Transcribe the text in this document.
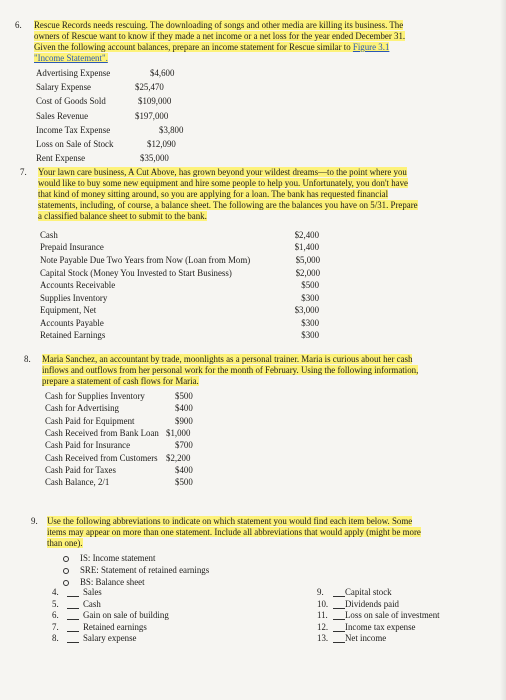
6. Rescue Records needs rescuing. The downloading of songs and other media are killing its business. The
owners of Rescue want to know if they made a net income or a net loss for the year ended December 31.
Given the following account balances, prepare an income statement for Rescue similar to Figure 3.1
"Income Statement".
Advertising Expense	$4,600
Salary Expense	$25,470
Cost of Goods Sold	$109,000
Sales Revenue	$197,000
Income Tax Expense	$3,800
Loss on Sale of Stock	$12,090
Rent Expense	$35,000
7. Your lawn care business, A Cut Above, has grown beyond your wildest dreams—to the point where you
would like to buy some new equipment and hire some people to help you. Unfortunately, you don't have
that kind of money sitting around, so you are applying for a loan. The bank has requested financial
statements, including, of course, a balance sheet. The following are the balances you have on 5/31. Prepare
a classified balance sheet to submit to the bank.
Cash	$2,400
Prepaid Insurance	$1,400
Note Payable Due Two Years from Now (Loan from Mom)	$5,000
Capital Stock (Money You Invested to Start Business)	$2,000
Accounts Receivable	$500
Supplies Inventory	$300
Equipment, Net	$3,000
Accounts Payable	$300
Retained Earnings	$300
8. Maria Sanchez, an accountant by trade, moonlights as a personal trainer. Maria is curious about her cash
inflows and outflows from her personal work for the month of February. Using the following information,
prepare a statement of cash flows for Maria.
Cash for Supplies Inventory	$500
Cash for Advertising	$400
Cash Paid for Equipment	$900
Cash Received from Bank Loan $1,000
Cash Paid for Insurance	$700
Cash Received from Customers $2,200
Cash Paid for Taxes	$400
Cash Balance, 2/1	$500
9. Use the following abbreviations to indicate on which statement you would find each item below. Some
items may appear on more than one statement. Include all abbreviations that would apply (might be more
than one).
IS: Income statement
SRE: Statement of retained earnings
BS: Balance sheet
4.	Sales
5.	Cash
6.	Gain on sale of building
7.	Retained earnings
8.	Salary expense
9. Capital stock
10. Dividends paid
11. Loss on sale of investment
12. Income tax expense
13. Net income
